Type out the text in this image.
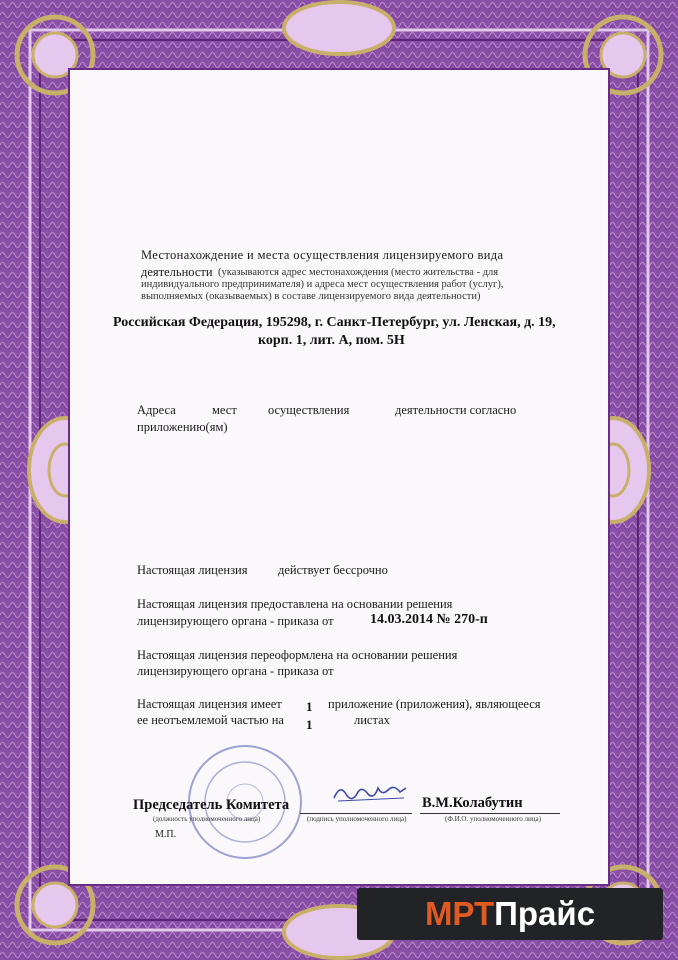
Местонахождение и места осуществления лицензируемого вида
деятельности (указываются адрес местонахождения (место жительства - для
индивидуального предпринимателя) и адреса мест осуществления работ (услуг),
выполняемых (оказываемых) в составе лицензируемого вида деятельности)
Российская Федерация, 195298, г. Санкт-Петербург, ул. Ленская, д. 19,
корп. 1, лит. А, пом. 5Н
Адреса	мест осуществления	деятельности согласно
приложению(ям)
Настоящая лицензия действует бессрочно
Настоящая лицензия предоставлена на основании решения
лицензирующего органа - приказа от	14.03.2014 № 270-п
Настоящая лицензия переоформлена на основании решения
лицензирующего органа - приказа от
Настоящая лицензия имеет 1 приложение (приложения), являющееся
ее неотъемлемой частью на 1	листах
Председатель Комитета	В.М.Колабутин
(должность уполномоченного лица)	(подпись уполномоченного лица)	(Ф.И.О. уполномоченного лица)
М.П.
МРТПрайс
